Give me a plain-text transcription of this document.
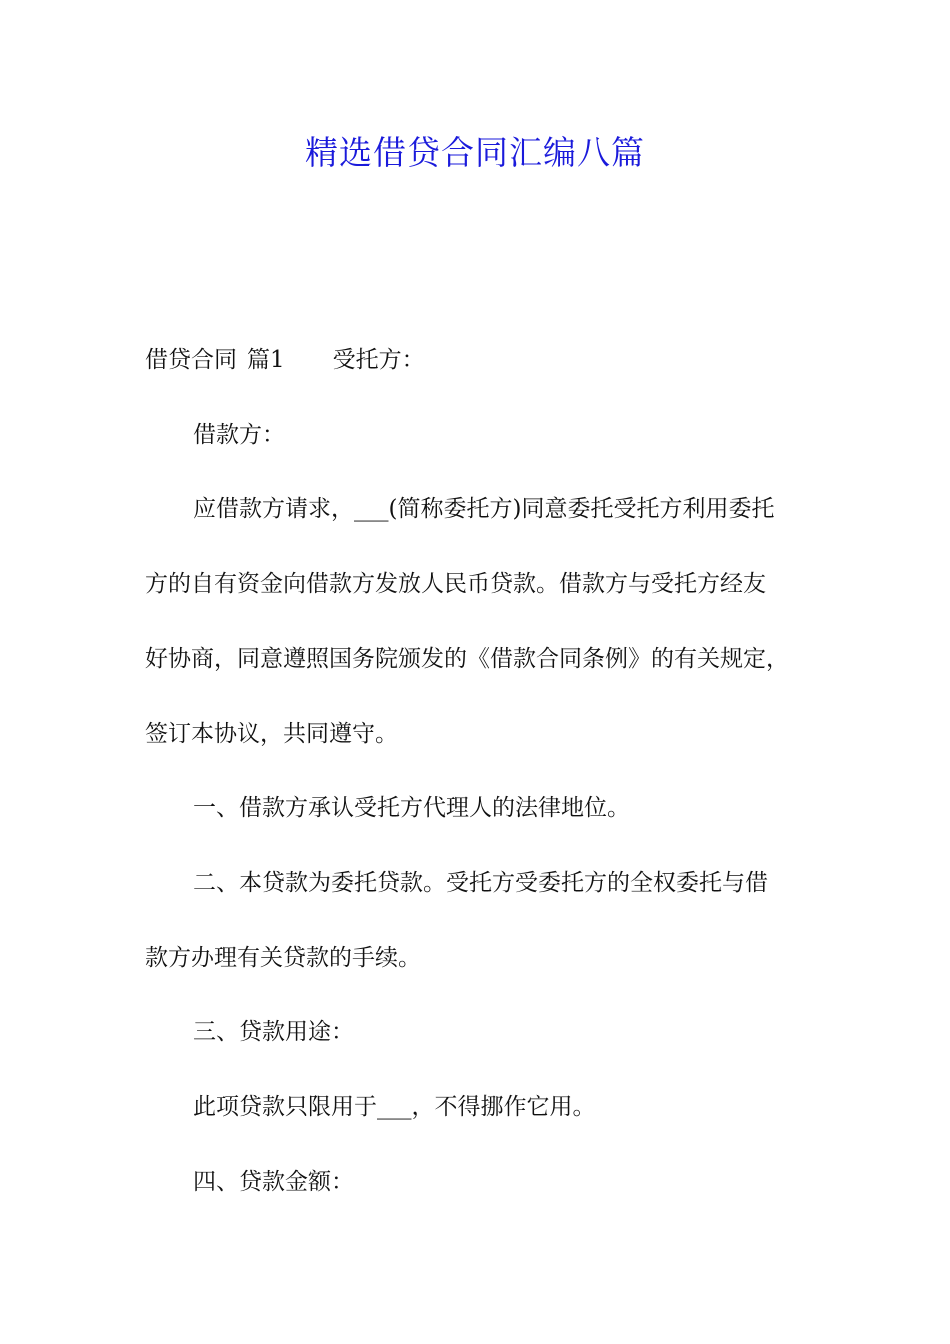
精选借贷合同汇编八篇
借贷合同 篇1 受托方：
借款方：
应借款方请求，___(简称委托方)同意委托受托方利用委托
方的自有资金向借款方发放人民币贷款。借款方与受托方经友
好协商，同意遵照国务院颁发的《借款合同条例》的有关规定，
签订本协议，共同遵守。
一、借款方承认受托方代理人的法律地位。
二、本贷款为委托贷款。受托方受委托方的全权委托与借
款方办理有关贷款的手续。
三、贷款用途：
此项贷款只限用于___，不得挪作它用。
四、贷款金额：
